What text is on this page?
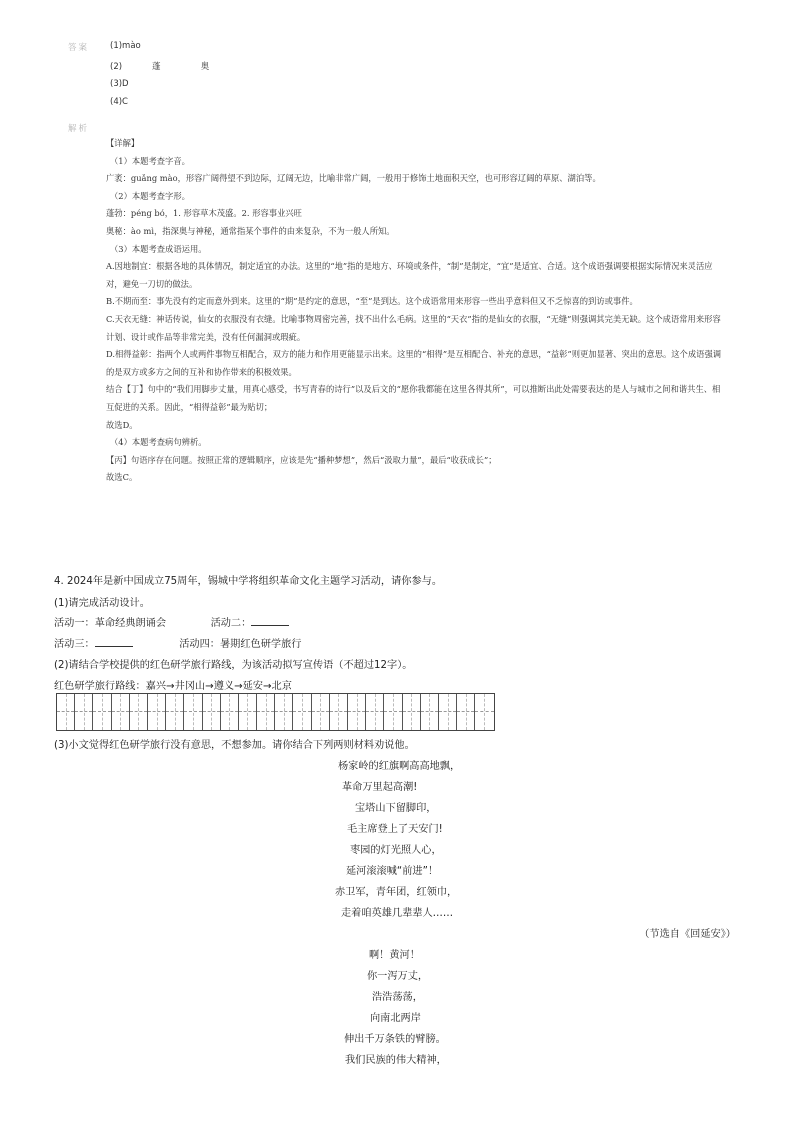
答案 (1)mào
(2)	蓬	奥
(3)D
(4)C
解析

【详解】

（1）本题考查字音。

广袤：guǎng mào，形容广阔得望不到边际，辽阔无边，比喻非常广阔，一般用于修饰土地面积天空，也可形容辽阔的草原、湖泊等。

（2）本题考查字形。

蓬勃：péng bó，1. 形容草木茂盛。2. 形容事业兴旺

奥秘：ào mì，指深奥与神秘，通常指某个事件的由来复杂，不为一般人所知。

（3）本题考查成语运用。

A.因地制宜：根据各地的具体情况，制定适宜的办法。这里的“地”指的是地方、环境或条件，“制”是制定，“宜”是适宜、合适。这个成语强调要根据实际情况来灵活应对，避免一刀切的做法。

B.不期而至：事先没有约定而意外到来。这里的“期”是约定的意思，“至”是到达。这个成语常用来形容一些出乎意料但又不乏惊喜的到访或事件。

C.天衣无缝：神话传说，仙女的衣服没有衣缝。比喻事物周密完善，找不出什么毛病。这里的“天衣”指的是仙女的衣服，“无缝”则强调其完美无缺。这个成语常用来形容计划、设计或作品等非常完美，没有任何漏洞或瑕疵。

D.相得益彰：指两个人或两件事物互相配合，双方的能力和作用更能显示出来。这里的“相得”是互相配合、补充的意思，“益彰”则更加显著、突出的意思。这个成语强调的是双方或多方之间的互补和协作带来的积极效果。

结合【丁】句中的“我们用脚步丈量，用真心感受，书写青春的诗行”以及后文的“愿你我都能在这里各得其所”，可以推断出此处需要表达的是人与城市之间和谐共生、相互促进的关系。因此，“相得益彰”最为贴切；

故选D。

（4）本题考查病句辨析。

【丙】句语序存在问题。按照正常的逻辑顺序，应该是先“播种梦想”，然后“汲取力量”，最后“收获成长”；

故选C。

4. 2024年是新中国成立75周年，锡城中学将组织革命文化主题学习活动，请你参与。
(1)请完成活动设计。
活动一：革命经典朗诵会	活动二：
活动三：	活动四：暑期红色研学旅行
(2)请结合学校提供的红色研学旅行路线，为该活动拟写宣传语（不超过12字）。
红色研学旅行路线：嘉兴→井冈山→遵义→延安→北京
(3)小文觉得红色研学旅行没有意思，不想参加。请你结合下列两则材料劝说他。
杨家岭的红旗啊高高地飘，
革命万里起高潮!
宝塔山下留脚印，
毛主席登上了天安门!
枣园的灯光照人心，
延河滚滚喊“前进”！
赤卫军，青年团，红领巾，
走着咱英雄几辈辈人……
（节选自《回延安》）
啊！黄河！
你一泻万丈，
浩浩荡荡，
向南北两岸
伸出千万条铁的臂膀。
我们民族的伟大精神，
